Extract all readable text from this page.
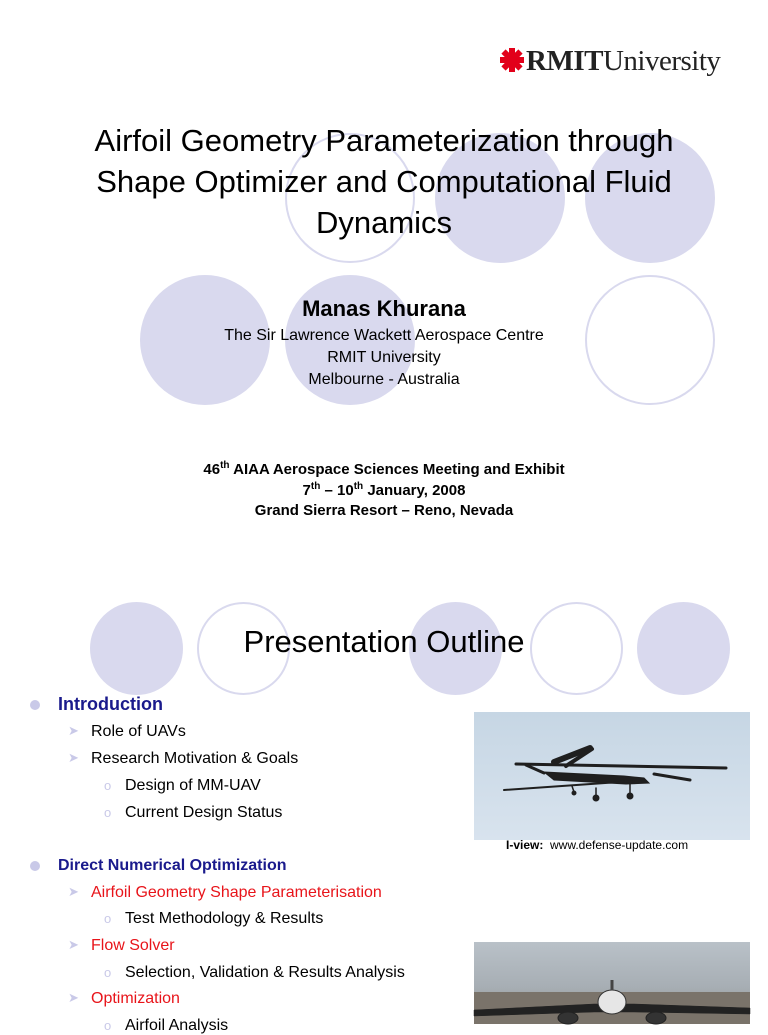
RMITUniversity
Airfoil Geometry Parameterization through
Shape Optimizer and Computational Fluid
Dynamics
Manas Khurana
The Sir Lawrence Wackett Aerospace Centre
RMIT University
Melbourne - Australia
46th AIAA Aerospace Sciences Meeting and Exhibit
7th – 10th January, 2008
Grand Sierra Resort – Reno, Nevada
Presentation Outline
Introduction
➤ Role of UAVs
➤ Research Motivation & Goals
o Design of MM-UAV
o Current Design Status
Direct Numerical Optimization
➤ Airfoil Geometry Shape Parameterisation
o Test Methodology & Results
➤ Flow Solver
o Selection, Validation & Results Analysis
➤ Optimization
o Airfoil Analysis
I-view: www.defense-update.com
